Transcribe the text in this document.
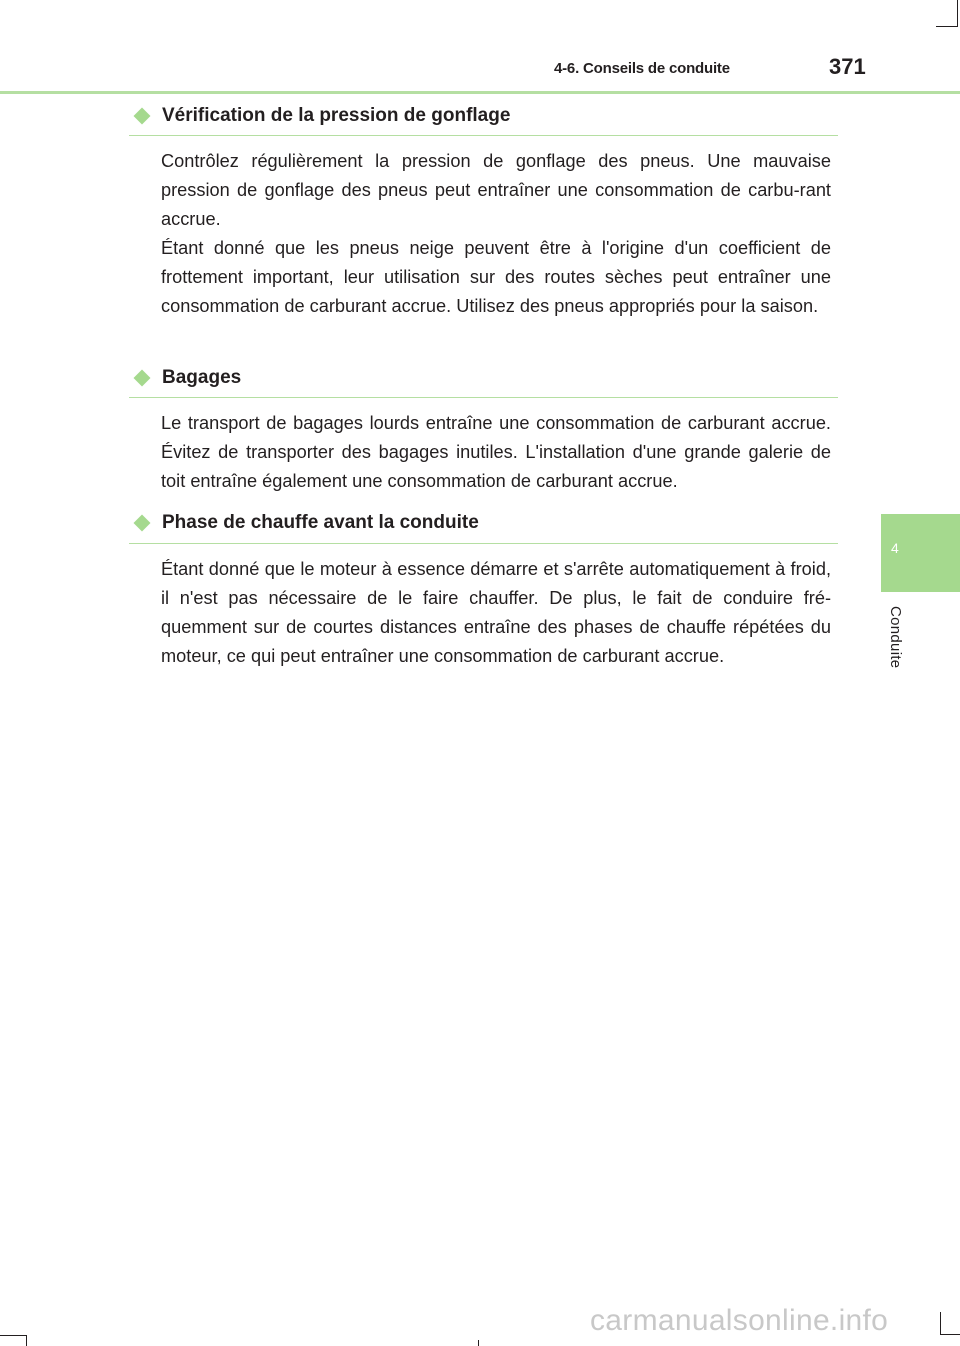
4-6. Conseils de conduite	371
4
Conduite
Vérification de la pression de gonflage

Contrôlez régulièrement la pression de gonflage des pneus. Une mauvaise pression de gonflage des pneus peut entraîner une consommation de carbu-rant accrue.

Étant donné que les pneus neige peuvent être à l'origine d'un coefficient de frottement important, leur utilisation sur des routes sèches peut entraîner une consommation de carburant accrue. Utilisez des pneus appropriés pour la saison.

Bagages

Le transport de bagages lourds entraîne une consommation de carburant accrue. Évitez de transporter des bagages inutiles. L'installation d'une grande galerie de toit entraîne également une consommation de carburant accrue.

Phase de chauffe avant la conduite

Étant donné que le moteur à essence démarre et s'arrête automatiquement à froid, il n'est pas nécessaire de le faire chauffer. De plus, le fait de conduire fré-quemment sur de courtes distances entraîne des phases de chauffe répétées du moteur, ce qui peut entraîner une consommation de carburant accrue.

carmanualsonline.info
